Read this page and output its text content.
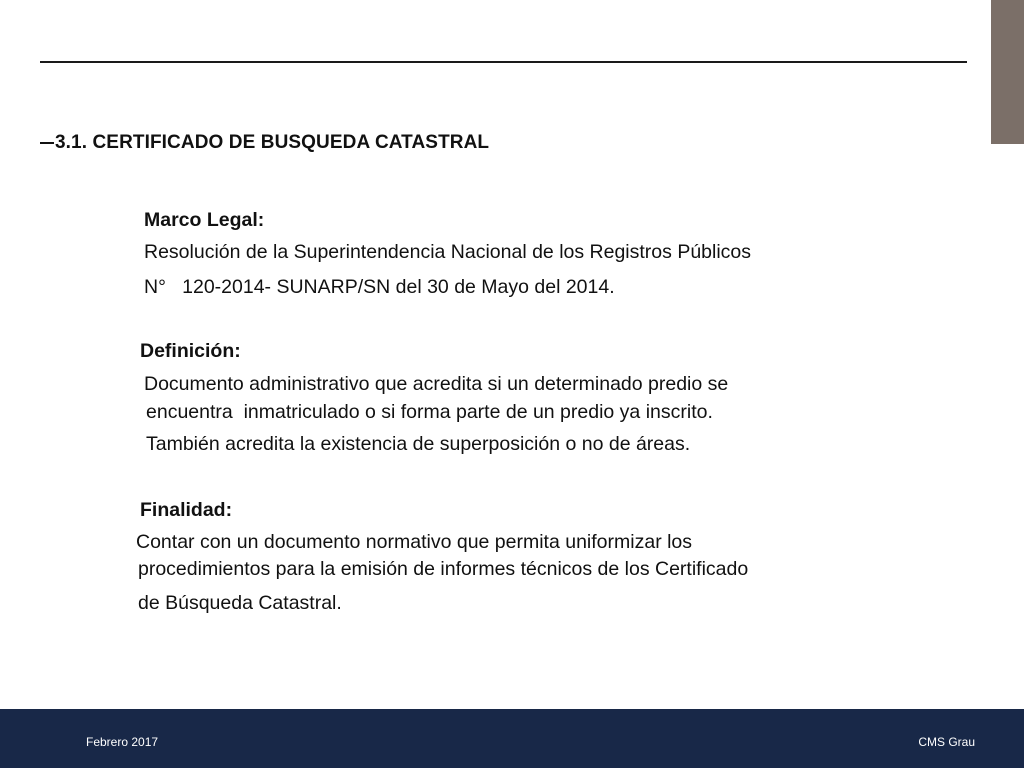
3.1. CERTIFICADO DE BUSQUEDA CATASTRAL
Marco Legal:
Resolución de la Superintendencia Nacional de los Registros Públicos
N°   120-2014- SUNARP/SN del 30 de Mayo del 2014.
Definición:
Documento administrativo que acredita si un determinado predio se
encuentra  inmatriculado o si forma parte de un predio ya inscrito.
También acredita la existencia de superposición o no de áreas.
Finalidad:
Contar con un documento normativo que permita uniformizar los
procedimientos para la emisión de informes técnicos de los Certificado
de Búsqueda Catastral.
Febrero 2017	CMS Grau
